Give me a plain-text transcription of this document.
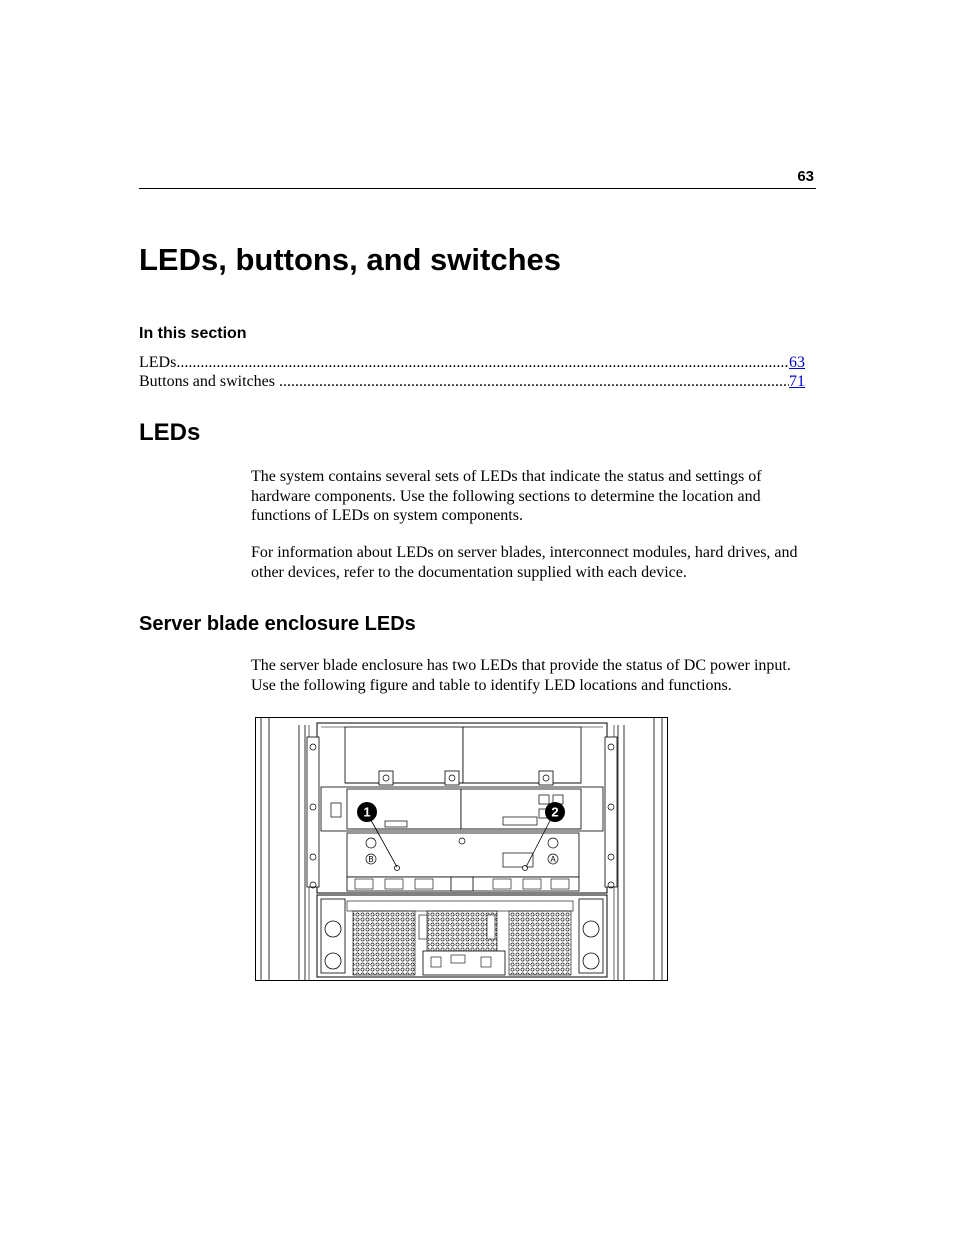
63
LEDs, buttons, and switches
In this section
LEDs .....	63
Buttons and switches .....	71
LEDs

The system contains several sets of LEDs that indicate the status and settings of hardware components. Use the following sections to determine the location and functions of LEDs on system components.

For information about LEDs on server blades, interconnect modules, hard drives, and other devices, refer to the documentation supplied with each device.

Server blade enclosure LEDs

The server blade enclosure has two LEDs that provide the status of DC power input. Use the following figure and table to identify LED locations and functions.

B	A
1	2
